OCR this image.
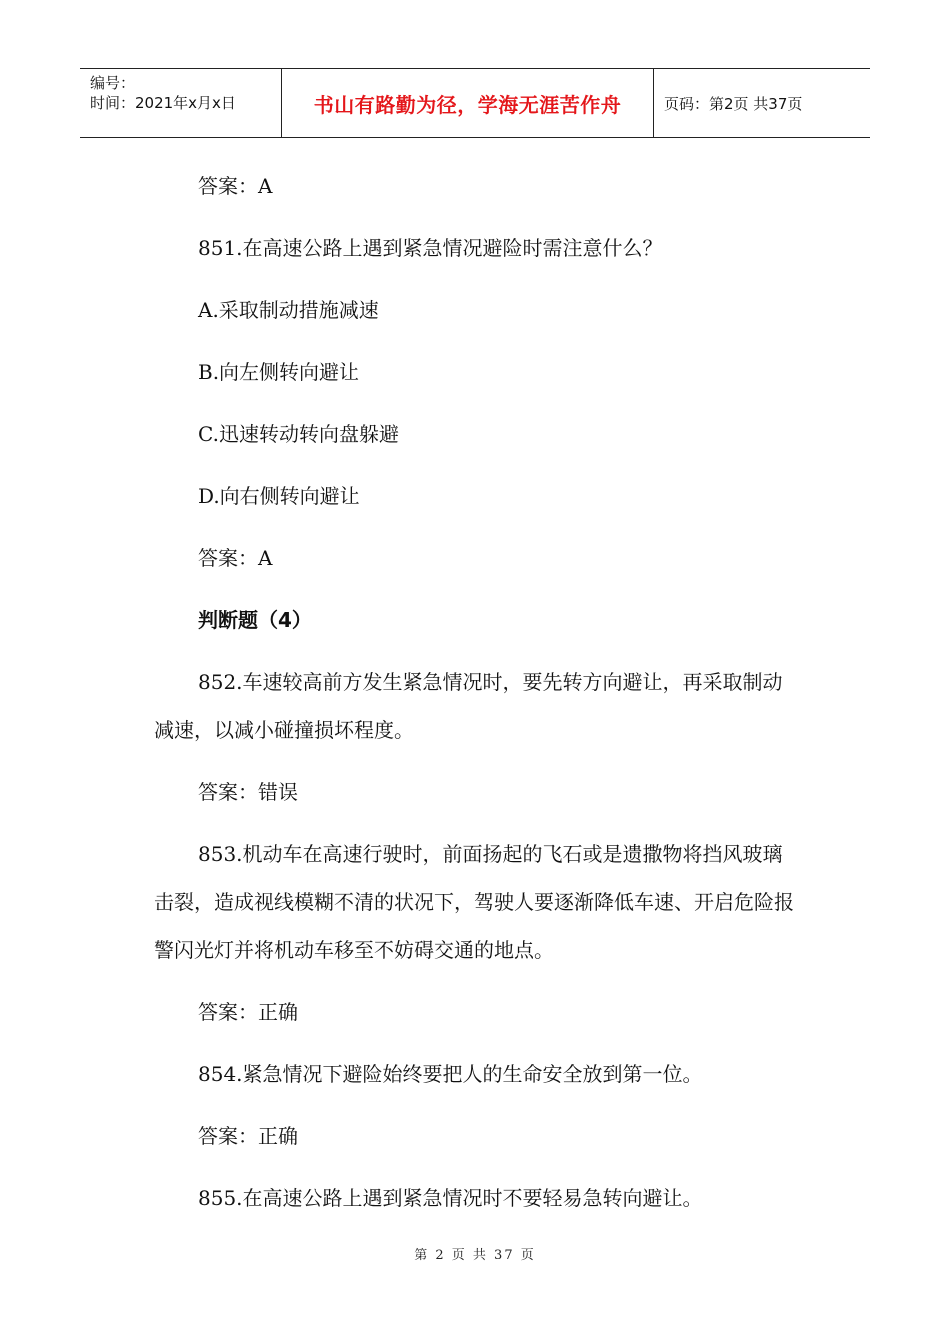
编号：
时间：2021年x月x日	书山有路勤为径，学海无涯苦作舟	页码：第2页 共37页

答案：A

851.在高速公路上遇到紧急情况避险时需注意什么？

A.采取制动措施减速

B.向左侧转向避让

C.迅速转动转向盘躲避

D.向右侧转向避让

答案：A

判断题（4）

852.车速较高前方发生紧急情况时，要先转方向避让，再采取制动减速，以减小碰撞损坏程度。

答案：错误

853.机动车在高速行驶时，前面扬起的飞石或是遗撒物将挡风玻璃击裂，造成视线模糊不清的状况下，驾驶人要逐渐降低车速、开启危险报警闪光灯并将机动车移至不妨碍交通的地点。

答案：正确

854.紧急情况下避险始终要把人的生命安全放到第一位。

答案：正确

855.在高速公路上遇到紧急情况时不要轻易急转向避让。

第 2 页 共 37 页
